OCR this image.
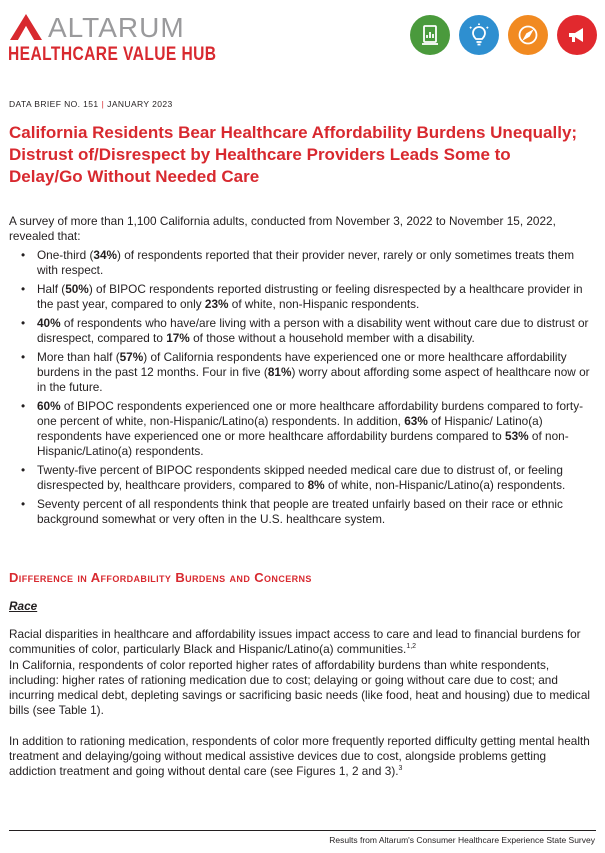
ALTARUM
HEALTHCARE VALUE HUB
DATA BRIEF NO. 151 | JANUARY 2023
California Residents Bear Healthcare Affordability Burdens Unequally; Distrust of/Disrespect by Healthcare Providers Leads Some to Delay/Go Without Needed Care

A survey of more than 1,100 California adults, conducted from November 3, 2022 to November 15, 2022, revealed that:

• One-third (34%) of respondents reported that their provider never, rarely or only sometimes treats them with respect.
• Half (50%) of BIPOC respondents reported distrusting or feeling disrespected by a healthcare provider in the past year, compared to only 23% of white, non-Hispanic respondents.
• 40% of respondents who have/are living with a person with a disability went without care due to distrust or disrespect, compared to 17% of those without a household member with a disability.
• More than half (57%) of California respondents have experienced one or more healthcare affordability burdens in the past 12 months. Four in five (81%) worry about affording some aspect of healthcare now or in the future.
• 60% of BIPOC respondents experienced one or more healthcare affordability burdens compared to forty-one percent of white, non-Hispanic/Latino(a) respondents. In addition, 63% of Hispanic/ Latino(a) respondents have experienced one or more healthcare affordability burdens compared to 53% of non-Hispanic/Latino(a) respondents.
• Twenty-five percent of BIPOC respondents skipped needed medical care due to distrust of, or feeling disrespected by, healthcare providers, compared to 8% of white, non-Hispanic/Latino(a) respondents.
• Seventy percent of all respondents think that people are treated unfairly based on their race or ethnic background somewhat or very often in the U.S. healthcare system.
Difference in Affordability Burdens and Concerns
Race

Racial disparities in healthcare and affordability issues impact access to care and lead to financial burdens for communities of color, particularly Black and Hispanic/Latino(a) communities.$^{1,2}$

In California, respondents of color reported higher rates of affordability burdens than white respondents, including: higher rates of rationing medication due to cost; delaying or going without care due to cost; and incurring medical debt, depleting savings or sacrificing basic needs (like food, heat and housing) due to medical bills (see Table 1).

In addition to rationing medication, respondents of color more frequently reported difficulty getting mental health treatment and delaying/going without medical assistive devices due to cost, alongside problems getting addiction treatment and going without dental care (see Figures 1, 2 and 3).$^3$

Results from Altarum's Consumer Healthcare Experience State Survey
